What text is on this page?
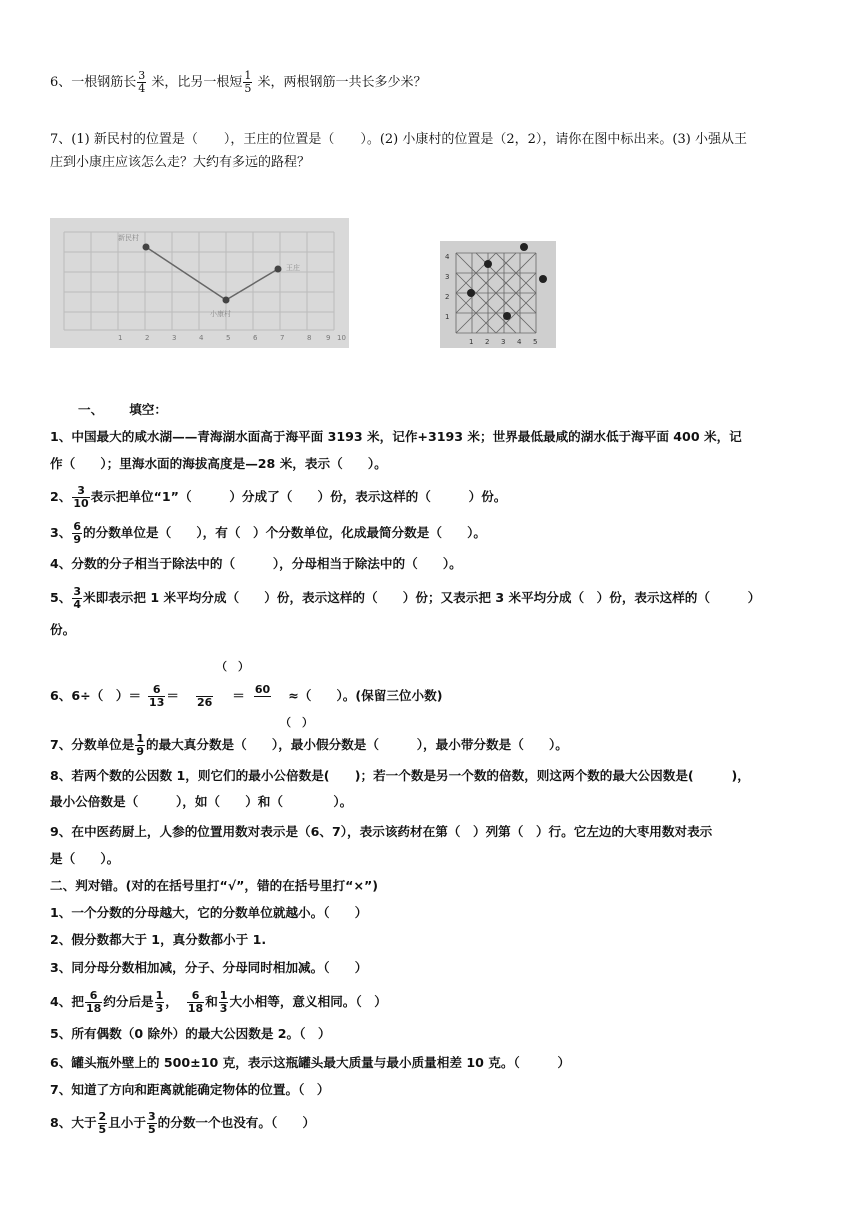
6、一根钢筋长 $\frac{3}{4}$ 米，比另一根短 $\frac{1}{5}$ 米，两根钢筋一共长多少米？
7、(1) 新民村的位置是（　　），王庄的位置是（　　）。(2) 小康村的位置是（2，2），请你在图中标出来。(3) 小强从王
庄到小康庄应该怎么走？大约有多远的路程？
新民村
王庄
小康村
1	2	3	4	5	6	7	8 9 10	1 2 3 4 5
1
2
3
4
一、 填空：
1、中国最大的咸水湖——青海湖水面高于海平面 3193 米，记作+3193 米；世界最低最咸的湖水低于海平面 400 米，记
作（　　）；里海水面的海拔高度是—28 米，表示（　　）。
2、 $\frac{3}{10}$ 表示把单位“1”（　　　）分成了（　　）份，表示这样的（　　　）份。
3、 $\frac{6}{9}$ 的分数单位是（　　），有（　）个分数单位，化成最简分数是（　　）。
4、分数的分子相当于除法中的（　　　），分母相当于除法中的（　　）。
5、 $\frac{3}{4}$ 米即表示把 1 米平均分成（　　）份，表示这样的（　　）份；又表示把 3 米平均分成（　）份，表示这样的（　　　）
份。
（　）
6、6÷（　）＝ $\frac{6}{13}$ ＝
   26 ＝ 60
   ≈（　　）。(保留三位小数)
（　）
7、分数单位是 $\frac{1}{9}$ 的最大真分数是（　　），最小假分数是（　　　），最小带分数是（　　）。
8、若两个数的公因数 1，则它们的最小公倍数是(　　)；若一个数是另一个数的倍数，则这两个数的最大公因数是(　　　)，
最小公倍数是（　　　），如（　　）和（　　　　）。
9、在中医药厨上，人参的位置用数对表示是（6、7），表示该药材在第（　）列第（　）行。它左边的大枣用数对表示
是（　　）。
二、判对错。(对的在括号里打“√”，错的在括号里打“×”)
1、一个分数的分母越大，它的分数单位就越小。（　　）
2、假分数都大于 1，真分数都小于 1.
3、同分母分数相加减，分子、分母同时相加减。（　　）
4、把 $\frac{6}{18}$ 约分后是 $\frac{1}{3}$ ， $\frac{6}{18}$ 和 $\frac{1}{3}$ 大小相等，意义相同。（　）
5、所有偶数（0 除外）的最大公因数是 2。（　）
6、罐头瓶外壁上的 500±10 克，表示这瓶罐头最大质量与最小质量相差 10 克。（　　　）
7、知道了方向和距离就能确定物体的位置。（　）
8、大于 $\frac{2}{5}$ 且小于 $\frac{3}{5}$ 的分数一个也没有。（　　）
